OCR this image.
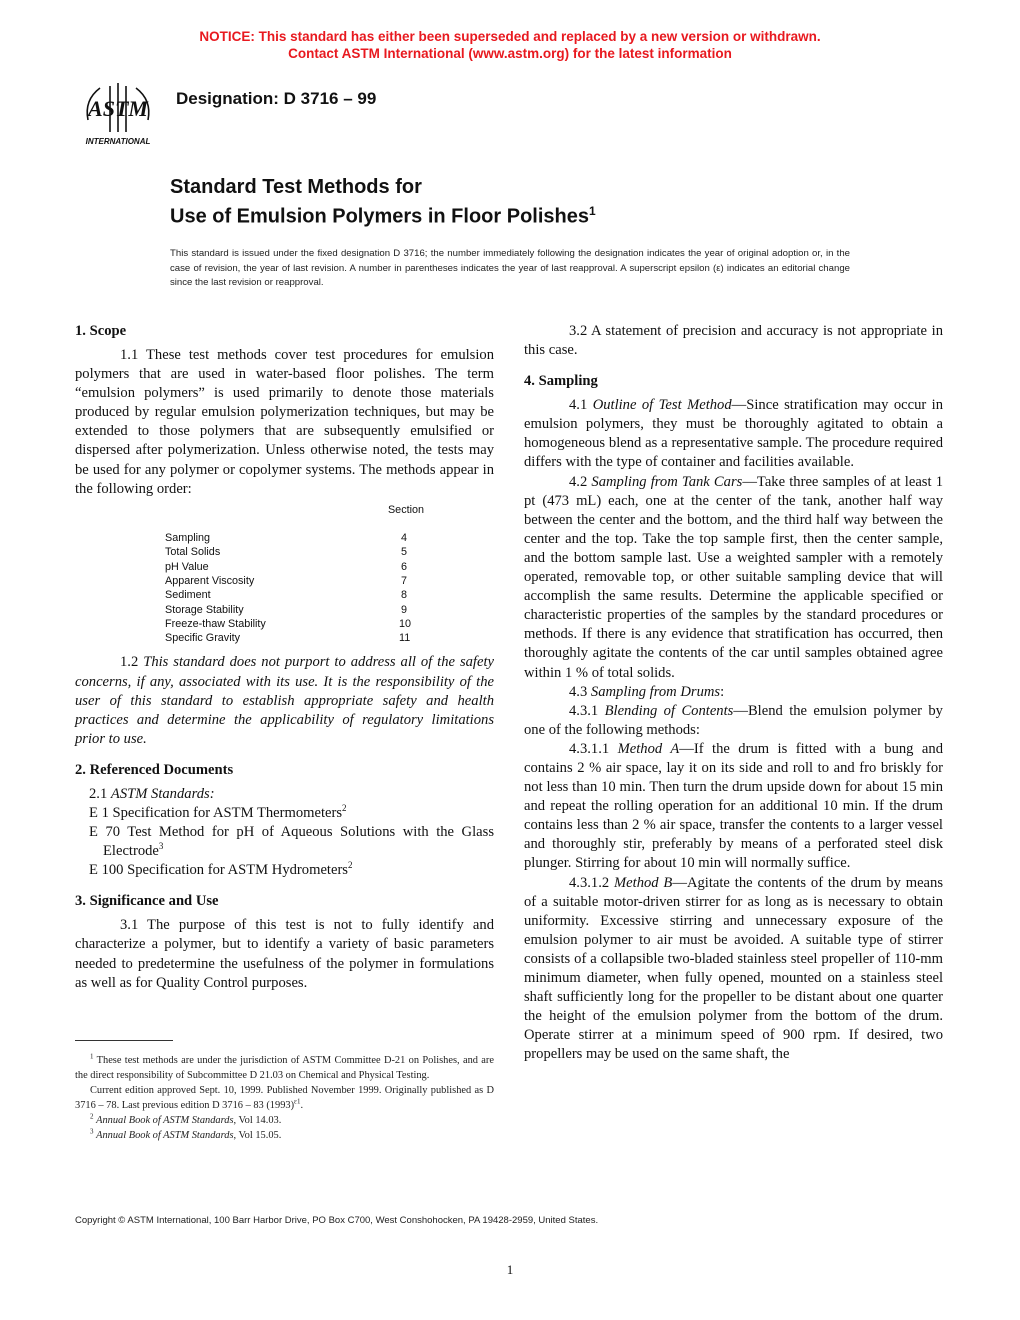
NOTICE: This standard has either been superseded and replaced by a new version or withdrawn.
Contact ASTM International (www.astm.org) for the latest information
ASTM
INTERNATIONAL
Designation: D 3716 – 99
Standard Test Methods for
Use of Emulsion Polymers in Floor Polishes$^1$
This standard is issued under the fixed designation D 3716; the number immediately following the designation indicates the year of original adoption or, in the case of revision, the year of last revision. A number in parentheses indicates the year of last reapproval. A superscript epsilon (ε) indicates an editorial change since the last revision or reapproval.
1. Scope

1.1 These test methods cover test procedures for emulsion polymers that are used in water-based floor polishes. The term “emulsion polymers” is used primarily to denote those materials produced by regular emulsion polymerization techniques, but may be extended to those polymers that are subsequently emulsified or dispersed after polymerization. Unless otherwise noted, the tests may be used for any polymer or copolymer systems. The methods appear in the following order:

Section
Sampling	4
Total Solids	5
pH Value	6
Apparent Viscosity	7
Sediment	8
Storage Stability	9
Freeze-thaw Stability	10
Specific Gravity	11

1.2 This standard does not purport to address all of the safety concerns, if any, associated with its use. It is the responsibility of the user of this standard to establish appropriate safety and health practices and determine the applicability of regulatory limitations prior to use.

2. Referenced Documents

2.1 ASTM Standards:

E 1 Specification for ASTM Thermometers$^2$

E 70 Test Method for pH of Aqueous Solutions with the Glass Electrode$^3$

E 100 Specification for ASTM Hydrometers$^2$

3. Significance and Use

3.1 The purpose of this test is not to fully identify and characterize a polymer, but to identify a variety of basic parameters needed to predetermine the usefulness of the polymer in formulations as well as for Quality Control purposes.

3.2 A statement of precision and accuracy is not appropriate in this case.

4. Sampling

4.1 Outline of Test Method—Since stratification may occur in emulsion polymers, they must be thoroughly agitated to obtain a homogeneous blend as a representative sample. The procedure required differs with the type of container and facilities available.

4.2 Sampling from Tank Cars—Take three samples of at least 1 pt (473 mL) each, one at the center of the tank, another half way between the center and the bottom, and the third half way between the center and the top. Take the top sample first, then the center sample, and the bottom sample last. Use a weighted sampler with a remotely operated, removable top, or other suitable sampling device that will accomplish the same results. Determine the applicable specified or characteristic properties of the samples by the standard procedures or methods. If there is any evidence that stratification has occurred, then thoroughly agitate the contents of the car until samples obtained agree within 1 % of total solids.

4.3 Sampling from Drums:

4.3.1 Blending of Contents—Blend the emulsion polymer by one of the following methods:

4.3.1.1 Method A—If the drum is fitted with a bung and contains 2 % air space, lay it on its side and roll to and fro briskly for not less than 10 min. Then turn the drum upside down for about 15 min and repeat the rolling operation for an additional 10 min. If the drum contains less than 2 % air space, transfer the contents to a larger vessel and thoroughly stir, preferably by means of a perforated steel disk plunger. Stirring for about 10 min will normally suffice.

4.3.1.2 Method B—Agitate the contents of the drum by means of a suitable motor-driven stirrer for as long as is necessary to obtain uniformity. Excessive stirring and unnecessary exposure of the emulsion polymer to air must be avoided. A suitable type of stirrer consists of a collapsible two-bladed stainless steel propeller of 110-mm minimum diameter, when fully opened, mounted on a stainless steel shaft sufficiently long for the propeller to be distant about one quarter the height of the emulsion polymer from the bottom of the drum. Operate stirrer at a minimum speed of 900 rpm. If desired, two propellers may be used on the same shaft, the

$^1$ These test methods are under the jurisdiction of ASTM Committee D-21 on Polishes, and are the direct responsibility of Subcommittee D 21.03 on Chemical and Physical Testing.

Current edition approved Sept. 10, 1999. Published November 1999. Originally published as D 3716 – 78. Last previous edition D 3716 – 83 $(1993)^{\varepsilon 1}$.

$^2$ Annual Book of ASTM Standards, Vol 14.03.

$^3$ Annual Book of ASTM Standards, Vol 15.05.

Copyright © ASTM International, 100 Barr Harbor Drive, PO Box C700, West Conshohocken, PA 19428-2959, United States.
1
